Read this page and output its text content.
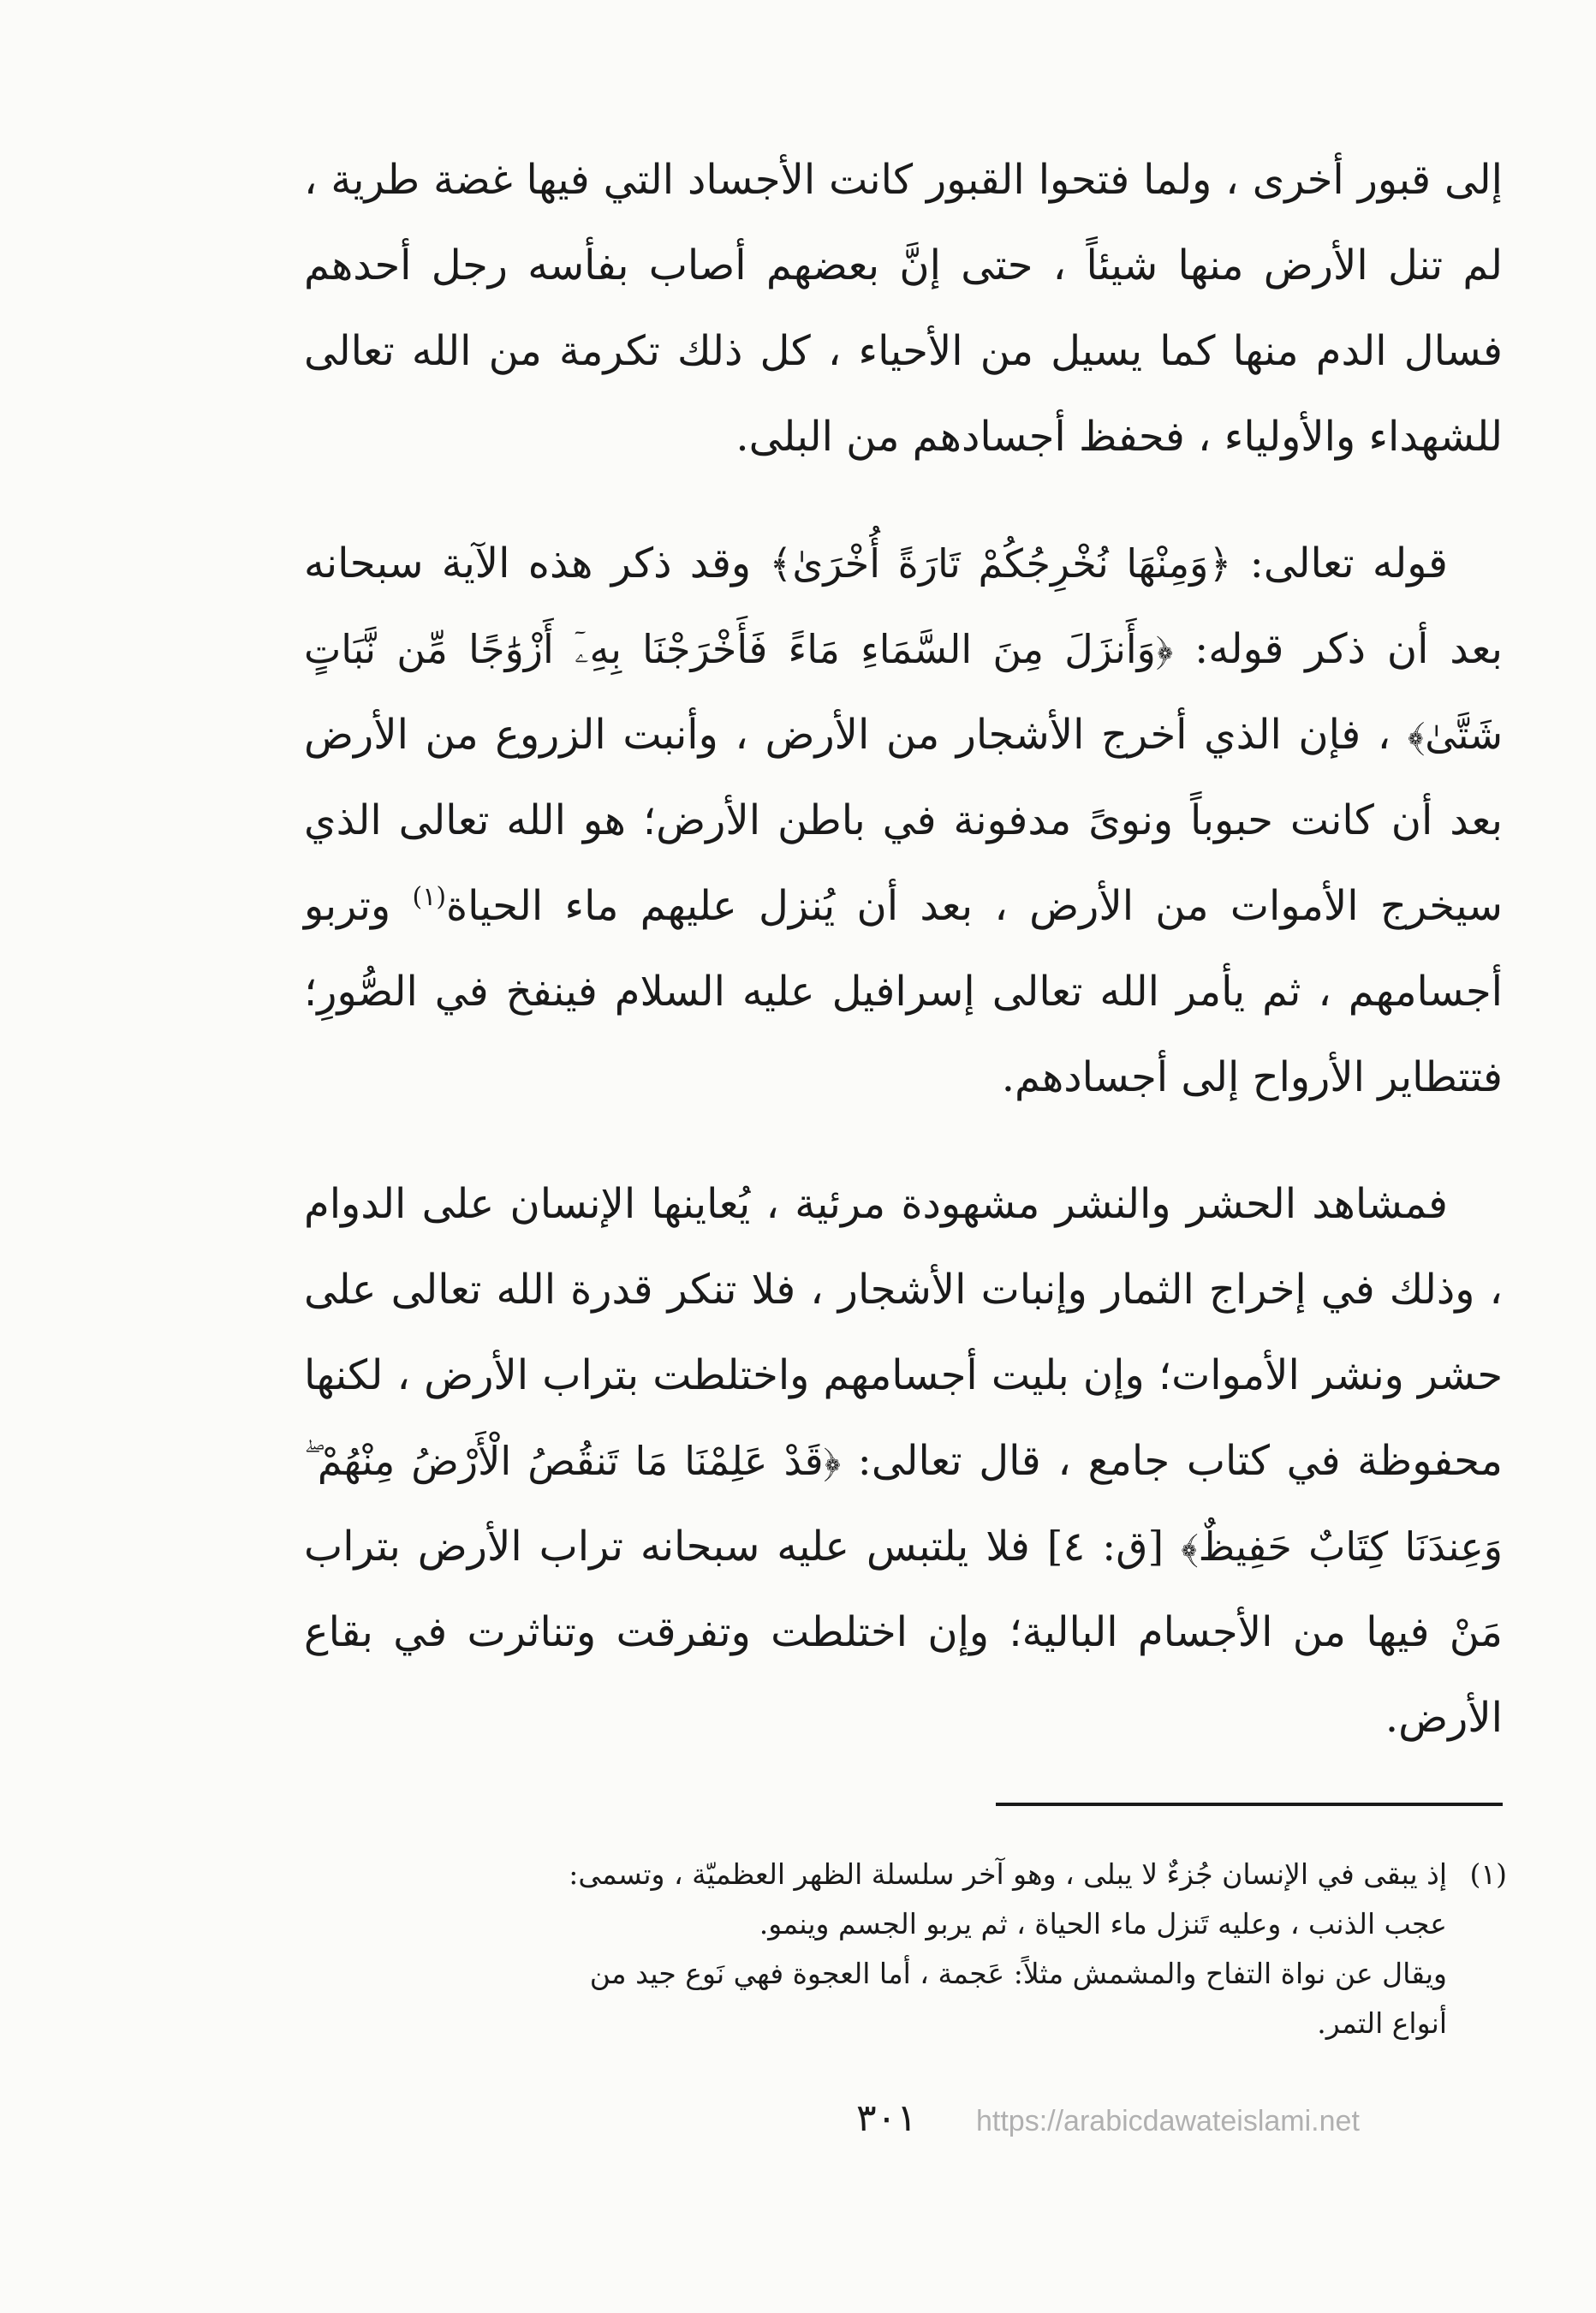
إلى قبور أخرى ، ولما فتحوا القبور كانت الأجساد التي فيها غضة طرية ، لم تنل الأرض منها شيئاً ، حتى إنَّ بعضهم أصاب بفأسه رجل أحدهم فسال الدم منها كما يسيل من الأحياء ، كل ذلك تكرمة من الله تعالى للشهداء والأولياء ، فحفظ أجسادهم من البلى.

قوله تعالى: ﴿وَمِنْهَا نُخْرِجُكُمْ تَارَةً أُخْرَىٰ﴾ وقد ذكر هذه الآية سبحانه بعد أن ذكر قوله: ﴿وَأَنزَلَ مِنَ السَّمَاءِ مَاءً فَأَخْرَجْنَا بِهِۦٓ أَزْوَٰجًا مِّن نَّبَاتٍ شَتَّىٰ﴾ ، فإن الذي أخرج الأشجار من الأرض ، وأنبت الزروع من الأرض بعد أن كانت حبوباً ونوىً مدفونة في باطن الأرض؛ هو الله تعالى الذي سيخرج الأموات من الأرض ، بعد أن يُنزل عليهم ماء الحياة$^{(١)}$ وتربو أجسامهم ، ثم يأمر الله تعالى إسرافيل عليه السلام فينفخ في الصُّورِ؛ فتتطاير الأرواح إلى أجسادهم.

فمشاهد الحشر والنشر مشهودة مرئية ، يُعاينها الإنسان على الدوام ، وذلك في إخراج الثمار وإنبات الأشجار ، فلا تنكر قدرة الله تعالى على حشر ونشر الأموات؛ وإن بليت أجسامهم واختلطت بتراب الأرض ، لكنها محفوظة في كتاب جامع ، قال تعالى: ﴿قَدْ عَلِمْنَا مَا تَنقُصُ الْأَرْضُ مِنْهُمْ ۖ وَعِندَنَا كِتَابٌ حَفِيظٌ﴾ [ق: ٤] فلا يلتبس عليه سبحانه تراب الأرض بتراب مَنْ فيها من الأجسام البالية؛ وإن اختلطت وتفرقت وتناثرت في بقاع الأرض.

(١)إذ يبقى في الإنسان جُزءٌ لا يبلى ، وهو آخر سلسلة الظهر العظميّة ، وتسمى:

عجب الذنب ، وعليه تَنزل ماء الحياة ، ثم يربو الجسم وينمو.

ويقال عن نواة التفاح والمشمش مثلاً: عَجمة ، أما العجوة فهي نَوع جيد من

أنواع التمر.

٣٠١ https://arabicdawateislami.net
